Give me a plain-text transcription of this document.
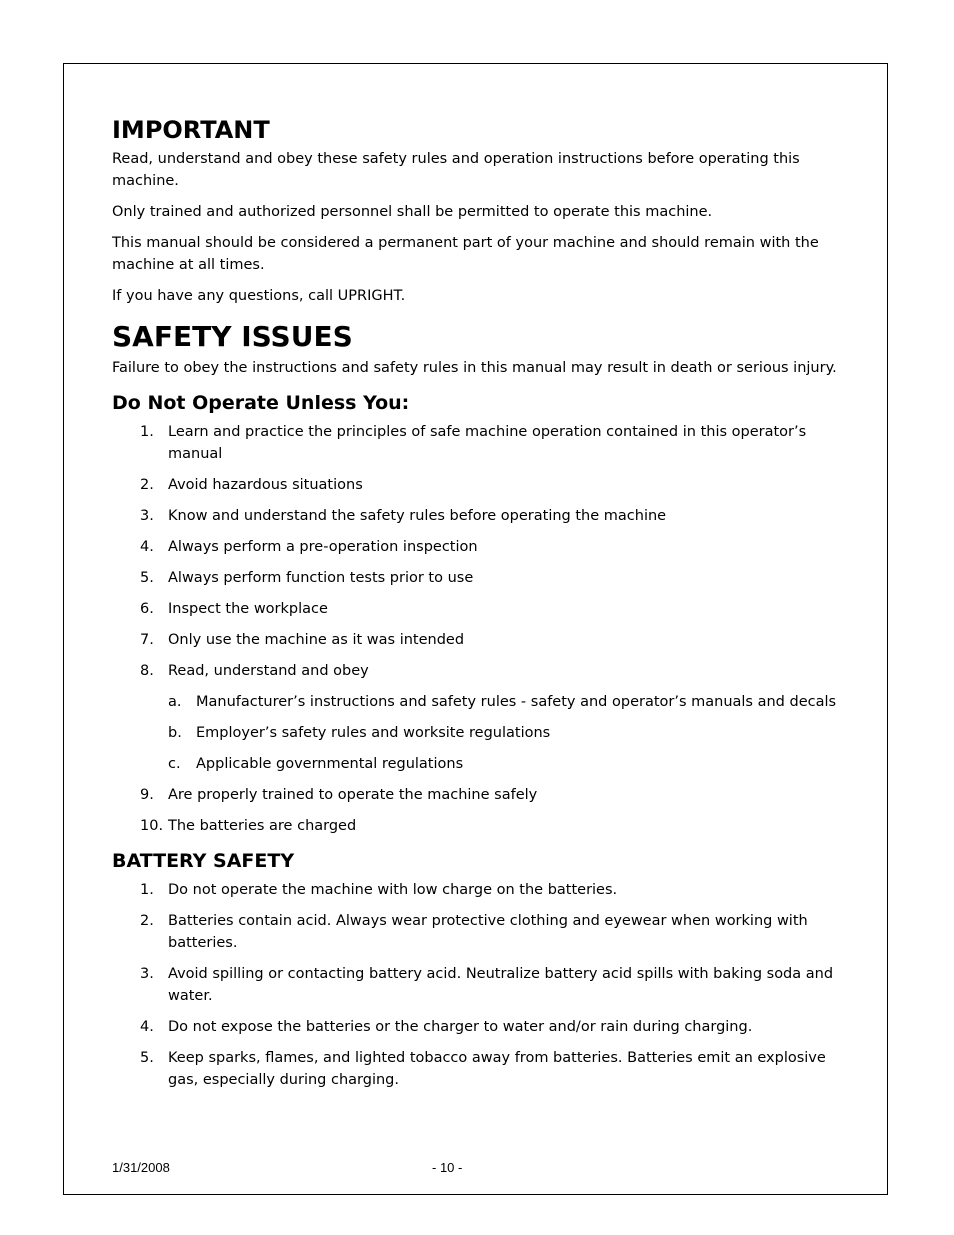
IMPORTANT

Read, understand and obey these safety rules and operation instructions before operating this machine.

Only trained and authorized personnel shall be permitted to operate this machine.

This manual should be considered a permanent part of your machine and should remain with the machine at all times.

If you have any questions, call UPRIGHT.

SAFETY ISSUES

Failure to obey the instructions and safety rules in this manual may result in death or serious injury.

Do Not Operate Unless You:
1. Learn and practice the principles of safe machine operation contained in this operator’s manual
2. Avoid hazardous situations
3. Know and understand the safety rules before operating the machine
4. Always perform a pre-operation inspection
5. Always perform function tests prior to use
6. Inspect the workplace
7. Only use the machine as it was intended
8. Read, understand and obey
a. Manufacturer’s instructions and safety rules - safety and operator’s manuals and decals
b. Employer’s safety rules and worksite regulations
c. Applicable governmental regulations
9. Are properly trained to operate the machine safely
10. The batteries are charged
BATTERY SAFETY
1. Do not operate the machine with low charge on the batteries.
2. Batteries contain acid. Always wear protective clothing and eyewear when working with batteries.
3. Avoid spilling or contacting battery acid. Neutralize battery acid spills with baking soda and water.
4. Do not expose the batteries or the charger to water and/or rain during charging.
5. Keep sparks, flames, and lighted tobacco away from batteries. Batteries emit an explosive gas, especially during charging.
1/31/2008	- 10 -
